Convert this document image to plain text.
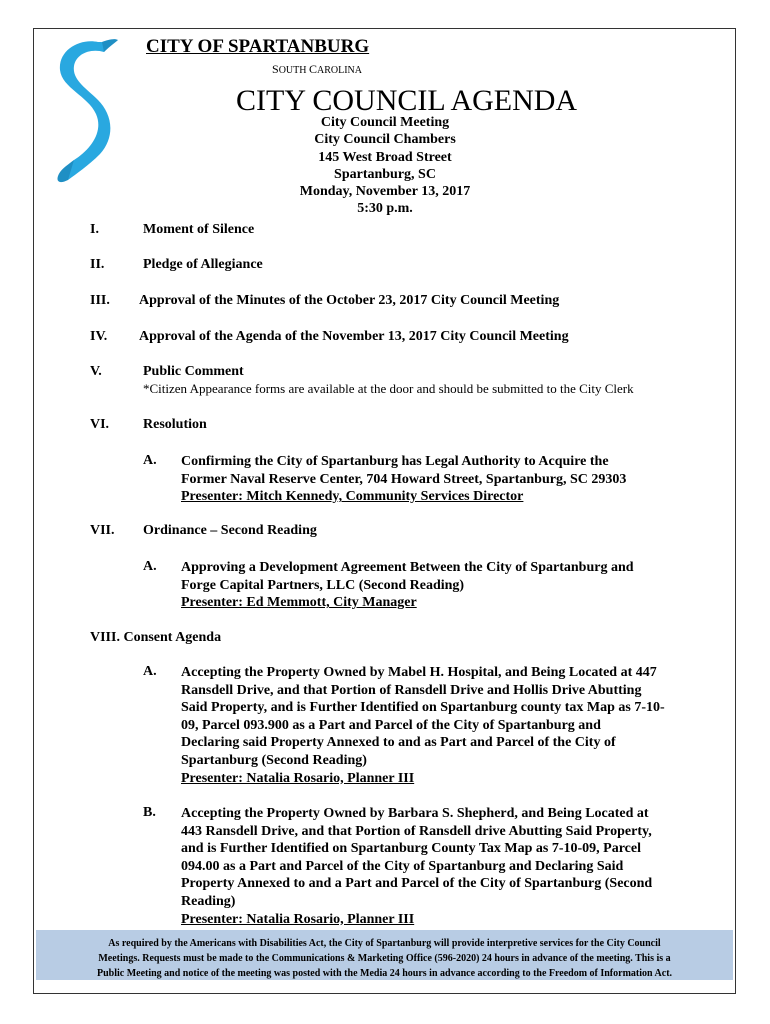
CITY OF SPARTANBURG
SOUTH CAROLINA
CITY COUNCIL AGENDA
City Council Meeting
City Council Chambers
145 West Broad Street
Spartanburg, SC
Monday, November 13, 2017
5:30 p.m.
I.	Moment of Silence
II.	Pledge of Allegiance
III. Approval of the Minutes of the October 23, 2017 City Council Meeting
IV. Approval of the Agenda of the November 13, 2017 City Council Meeting
V.	Public Comment
*Citizen Appearance forms are available at the door and should be submitted to the City Clerk
VI. Resolution
A. Confirming the City of Spartanburg has Legal Authority to Acquire the
Former Naval Reserve Center, 704 Howard Street, Spartanburg, SC 29303
Presenter: Mitch Kennedy, Community Services Director
VII. Ordinance – Second Reading
A. Approving a Development Agreement Between the City of Spartanburg and
Forge Capital Partners, LLC (Second Reading)
Presenter: Ed Memmott, City Manager
VIII. Consent Agenda
A. Accepting the Property Owned by Mabel H. Hospital, and Being Located at 447
Ransdell Drive, and that Portion of Ransdell Drive and Hollis Drive Abutting
Said Property, and is Further Identified on Spartanburg county tax Map as 7-10-
09, Parcel 093.900 as a Part and Parcel of the City of Spartanburg and
Declaring said Property Annexed to and as Part and Parcel of the City of
Spartanburg (Second Reading)
Presenter: Natalia Rosario, Planner III
B. Accepting the Property Owned by Barbara S. Shepherd, and Being Located at
443 Ransdell Drive, and that Portion of Ransdell drive Abutting Said Property,
and is Further Identified on Spartanburg County Tax Map as 7-10-09, Parcel
094.00 as a Part and Parcel of the City of Spartanburg and Declaring Said
Property Annexed to and a Part and Parcel of the City of Spartanburg (Second
Reading)
Presenter: Natalia Rosario, Planner III
As required by the Americans with Disabilities Act, the City of Spartanburg will provide interpretive services for the City Council
Meetings. Requests must be made to the Communications & Marketing Office (596-2020) 24 hours in advance of the meeting. This is a
Public Meeting and notice of the meeting was posted with the Media 24 hours in advance according to the Freedom of Information Act.
